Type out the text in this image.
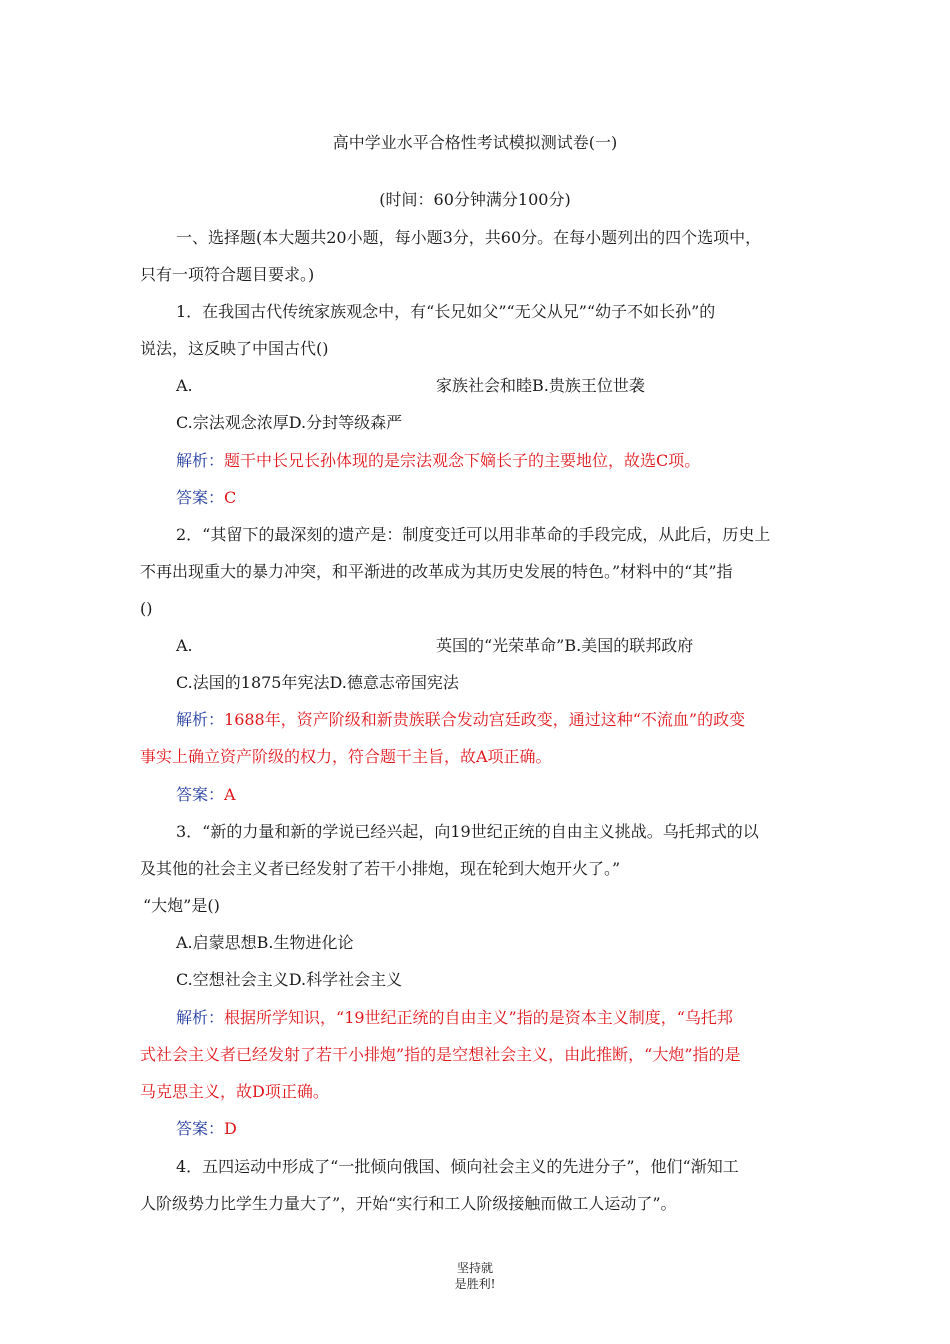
高中学业水平合格性考试模拟测试卷(一)
(时间：60分钟满分100分)
一、选择题(本大题共20小题，每小题3分，共60分。在每小题列出的四个选项中，
只有一项符合题目要求。)
1．在我国古代传统家族观念中，有“长兄如父”“无父从兄”“幼子不如长孙”的
说法，这反映了中国古代()
A.	家族社会和睦B.贵族王位世袭
C.宗法观念浓厚D.分封等级森严
解析：题干中长兄长孙体现的是宗法观念下嫡长子的主要地位，故选C项。
答案：C
2．“其留下的最深刻的遗产是：制度变迁可以用非革命的手段完成，从此后，历史上
不再出现重大的暴力冲突，和平渐进的改革成为其历史发展的特色。”材料中的“其”指
()
A.	英国的“光荣革命”B.美国的联邦政府
C.法国的1875年宪法D.德意志帝国宪法
解析：1688年，资产阶级和新贵族联合发动宫廷政变，通过这种“不流血”的政变
事实上确立资产阶级的权力，符合题干主旨，故A项正确。
答案：A
3．“新的力量和新的学说已经兴起，向19世纪正统的自由主义挑战。乌托邦式的以
及其他的社会主义者已经发射了若干小排炮，现在轮到大炮开火了。”
“大炮”是()
A.启蒙思想B.生物进化论
C.空想社会主义D.科学社会主义
解析：根据所学知识，“19世纪正统的自由主义”指的是资本主义制度，“乌托邦
式社会主义者已经发射了若干小排炮”指的是空想社会主义，由此推断，“大炮”指的是
马克思主义，故D项正确。
答案：D
4．五四运动中形成了“一批倾向俄国、倾向社会主义的先进分子”，他们“渐知工
人阶级势力比学生力量大了”，开始“实行和工人阶级接触而做工人运动了”。
坚持就
是胜利!
